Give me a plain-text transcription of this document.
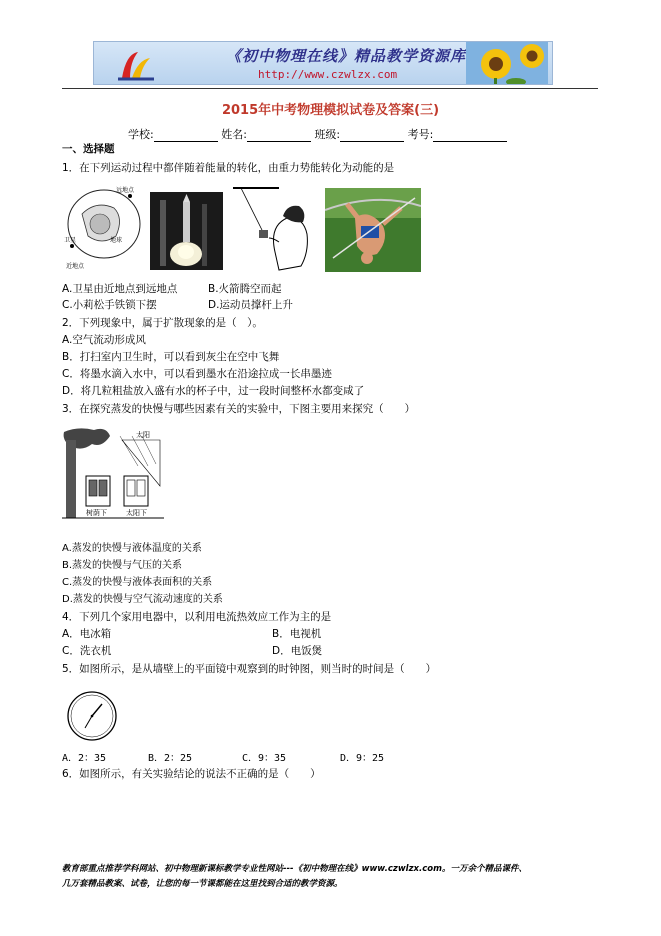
《初中物理在线》精品教学资源库
http://www.czwlzx.com
2015年中考物理模拟试卷及答案(三)
学校:	姓名:	班级:	考号:
一、选择题
1．在下列运动过程中都伴随着能量的转化，由重力势能转化为动能的是
远地点
近地点
卫星	地球
A.卫星由近地点到远地点	B.火箭腾空而起
C.小莉松手铁锁下摆	D.运动员撑杆上升
2．下列现象中，属于扩散现象的是（　）。
A.空气流动形成风
B．打扫室内卫生时，可以看到灰尘在空中飞舞
C．将墨水滴入水中，可以看到墨水在沿途拉成一长串墨迹
D．将几粒粗盐放入盛有水的杯子中，过一段时间整杯水都变咸了
3．在探究蒸发的快慢与哪些因素有关的实验中，下图主要用来探究（　　）
太阳
树荫下	太阳下
A.蒸发的快慢与液体温度的关系
B.蒸发的快慢与气压的关系
C.蒸发的快慢与液体表面积的关系
D.蒸发的快慢与空气流动速度的关系
4．下列几个家用电器中，以利用电流热效应工作为主的是
A．电冰箱	B．电视机
C．洗衣机	D．电饭煲
5．如图所示，是从墙壁上的平面镜中观察到的时钟图，则当时的时间是（　　）
A．2：35	B．2：25	C．9：35	D．9：25
6．如图所示，有关实验结论的说法不正确的是（　　）
教育部重点推荐学科网站、初中物理新课标教学专业性网站---《初中物理在线》www.czwlzx.com。一万余个精品课件、
几万套精品教案、试卷，让您的每一节课都能在这里找到合适的教学资源。
